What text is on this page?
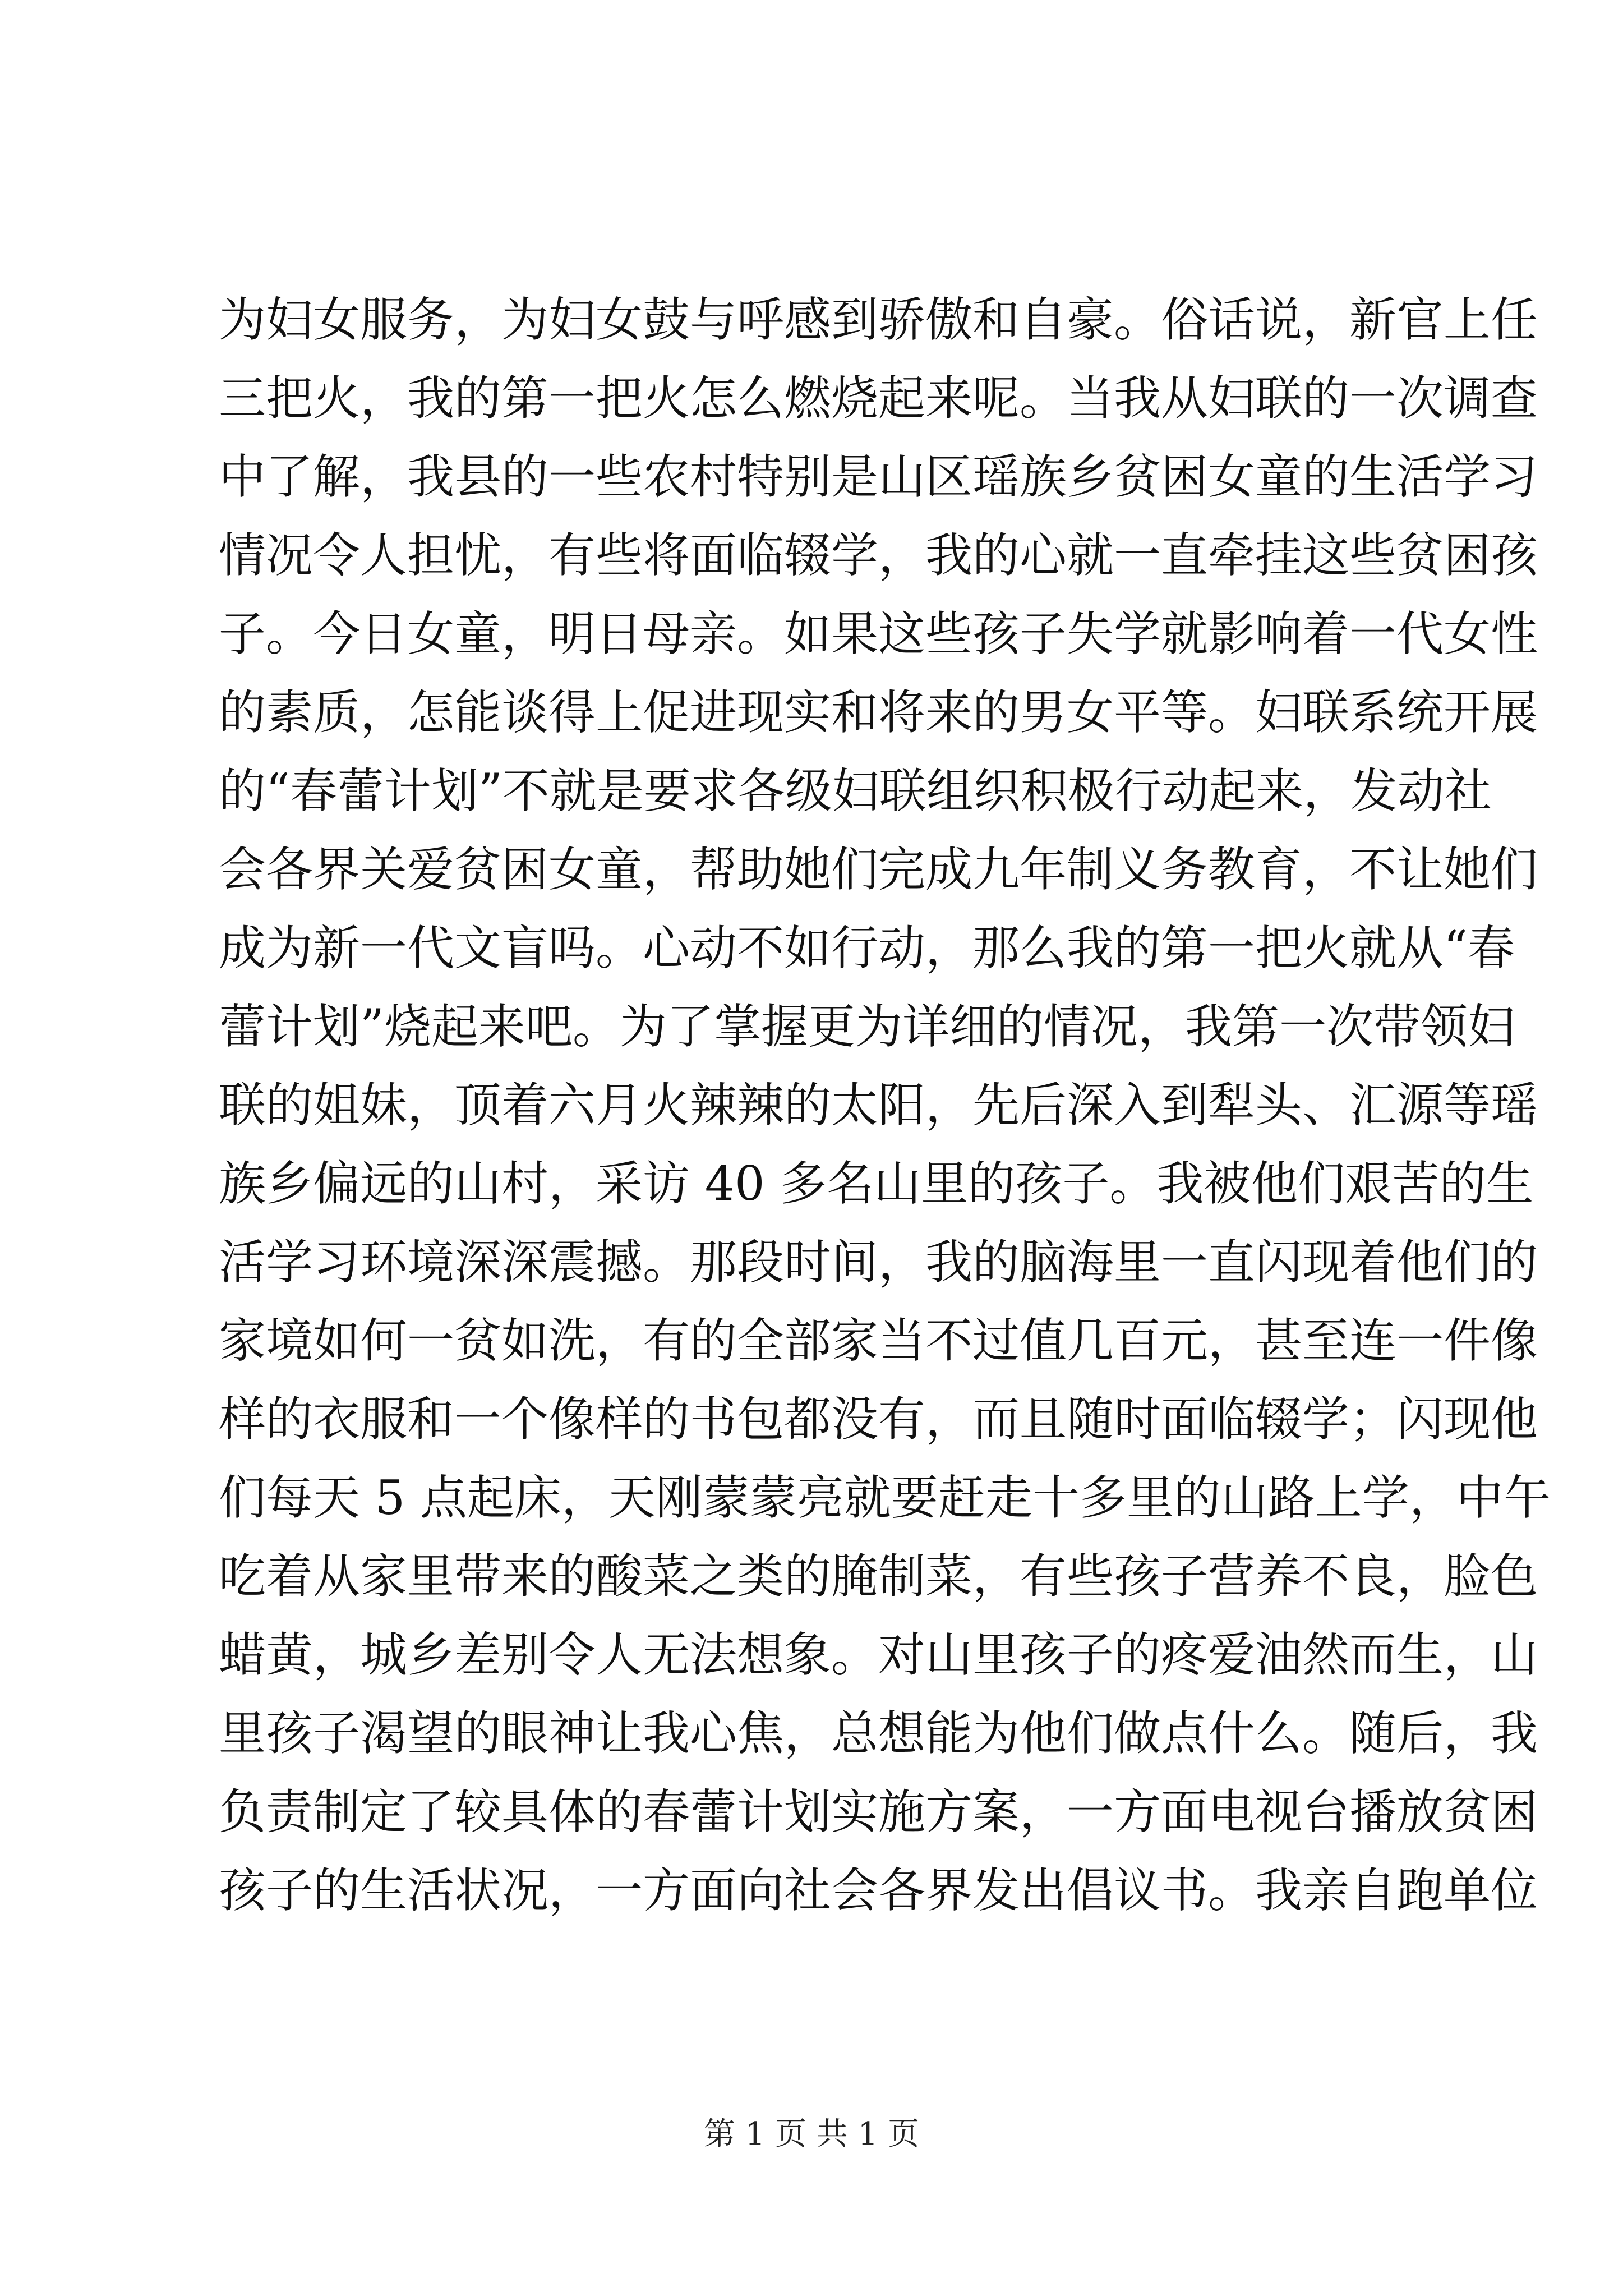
为妇女服务，为妇女鼓与呼感到骄傲和自豪。俗话说，新官上任
三把火，我的第一把火怎么燃烧起来呢。当我从妇联的一次调查
中了解，我县的一些农村特别是山区瑶族乡贫困女童的生活学习
情况令人担忧，有些将面临辍学，我的心就一直牵挂这些贫困孩
子。今日女童，明日母亲。如果这些孩子失学就影响着一代女性
的素质，怎能谈得上促进现实和将来的男女平等。妇联系统开展
的“春蕾计划”不就是要求各级妇联组织积极行动起来，发动社
会各界关爱贫困女童，帮助她们完成九年制义务教育，不让她们
成为新一代文盲吗。心动不如行动，那么我的第一把火就从“春
蕾计划”烧起来吧。为了掌握更为详细的情况，我第一次带领妇
联的姐妹，顶着六月火辣辣的太阳，先后深入到犁头、汇源等瑶
族乡偏远的山村，采访 40 多名山里的孩子。我被他们艰苦的生
活学习环境深深震撼。那段时间，我的脑海里一直闪现着他们的
家境如何一贫如洗，有的全部家当不过值几百元，甚至连一件像
样的衣服和一个像样的书包都没有，而且随时面临辍学；闪现他
们每天 5 点起床，天刚蒙蒙亮就要赶走十多里的山路上学，中午
吃着从家里带来的酸菜之类的腌制菜，有些孩子营养不良，脸色
蜡黄，城乡差别令人无法想象。对山里孩子的疼爱油然而生，山
里孩子渴望的眼神让我心焦，总想能为他们做点什么。随后，我
负责制定了较具体的春蕾计划实施方案，一方面电视台播放贫困
孩子的生活状况，一方面向社会各界发出倡议书。我亲自跑单位
第 1 页 共 1 页
